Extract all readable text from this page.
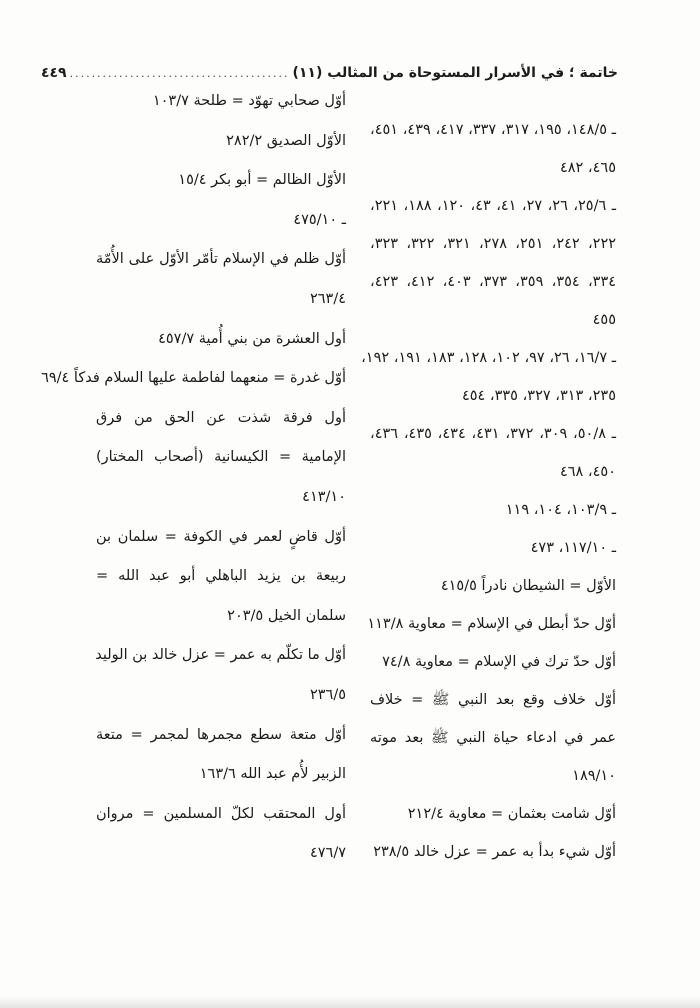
خاتمة ؛ في الأسرار المستوحاة من المثالب (١١)
........................................
٤٤٩
ـ ١٤٨/٥، ١٩٥، ٣١٧، ٣٣٧، ٤١٧، ٤٣٩، ٤٥١،
٤٦٥، ٤٨٢
ـ ٢٥/٦، ٢٦، ٢٧، ٤١، ٤٣، ١٢٠، ١٨٨، ٢٢١،
٢٢٢، ٢٤٢، ٢٥١، ٢٧٨، ٣٢١، ٣٢٢، ٣٢٣،
٣٣٤، ٣٥٤، ٣٥٩، ٣٧٣، ٤٠٣، ٤١٢، ٤٢٣،
٤٥٥
ـ ١٦/٧، ٢٦، ٩٧، ١٠٢، ١٢٨، ١٨٣، ١٩١، ١٩٢،
٢٣٥، ٣١٣، ٣٢٧، ٣٣٥، ٤٥٤
ـ ٥٠/٨، ٣٠٩، ٣٧٢، ٤٣١، ٤٣٤، ٤٣٥، ٤٣٦،
٤٥٠، ٤٦٨
ـ ١٠٣/٩، ١٠٤، ١١٩
ـ ١١٧/١٠، ٤٧٣
الأوّل = الشيطان نادراً ٤١٥/٥
أوّل حدّ أبطل في الإسلام = معاوية ١١٣/٨
أوّل حدّ ترك في الإسلام = معاوية ٧٤/٨
أوّل خلاف وقع بعد النبي ﷺ = خلاف
عمر في ادعاء حياة النبي ﷺ بعد موته
١٨٩/١٠
أوّل شامت بعثمان = معاوية ٢١٢/٤
أوّل شيء بدأ به عمر = عزل خالد ٢٣٨/٥
أوّل صحابي تهوّد = طلحة ١٠٣/٧
الأوّل الصديق ٢٨٢/٢
الأوّل الظالم = أبو بكر ١٥/٤
ـ ٤٧٥/١٠
أوّل ظلم في الإسلام تأمّر الأوّل على الأُمّة
٢٦٣/٤
أول العشرة من بني أُمية ٤٥٧/٧
أوّل غدرة = منعهما لفاطمة عليها السلام فدكاً ٦٩/٤
أول فرقة شذت عن الحق من فرق
الإمامية = الكيسانية (أصحاب المختار)
٤١٣/١٠
أوّل قاضٍ لعمر في الكوفة = سلمان بن
ربيعة بن يزيد الباهلي أبو عبد الله =
سلمان الخيل ٢٠٣/٥
أوّل ما تكلّم به عمر = عزل خالد بن الوليد
٢٣٦/٥
أوّل متعة سطع مجمرها لمجمر = متعة
الزبير لأُم عبد الله ١٦٣/٦
أول المحتقب لكلّ المسلمين = مروان
٤٧٦/٧
